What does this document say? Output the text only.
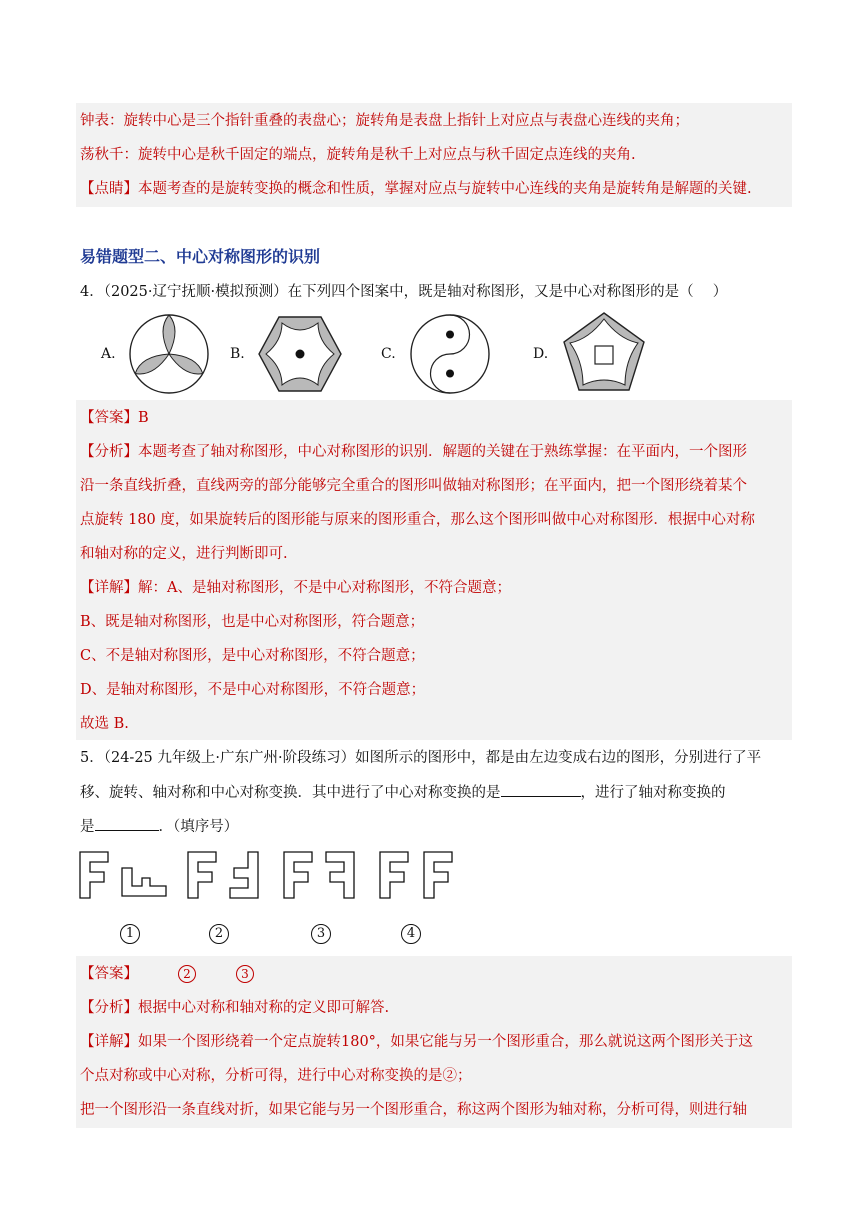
钟表：旋转中心是三个指针重叠的表盘心；旋转角是表盘上指针上对应点与表盘心连线的夹角；
荡秋千：旋转中心是秋千固定的端点，旋转角是秋千上对应点与秋千固定点连线的夹角.
【点睛】本题考查的是旋转变换的概念和性质，掌握对应点与旋转中心连线的夹角是旋转角是解题的关键.
易错题型二、中心对称图形的识别
4．（2025·辽宁抚顺·模拟预测）在下列四个图案中，既是轴对称图形，又是中心对称图形的是（　 ）
A.	B.	C.	D.
【答案】B
【分析】本题考查了轴对称图形，中心对称图形的识别．解题的关键在于熟练掌握：在平面内，一个图形
沿一条直线折叠，直线两旁的部分能够完全重合的图形叫做轴对称图形；在平面内，把一个图形绕着某个
点旋转 180 度，如果旋转后的图形能与原来的图形重合，那么这个图形叫做中心对称图形．根据中心对称
和轴对称的定义，进行判断即可.
【详解】解：A、是轴对称图形，不是中心对称图形，不符合题意；
B、既是轴对称图形，也是中心对称图形，符合题意；
C、不是轴对称图形，是中心对称图形，不符合题意；
D、是轴对称图形，不是中心对称图形，不符合题意；
故选 B.
5．（24-25 九年级上·广东广州·阶段练习）如图所示的图形中，都是由左边变成右边的图形，分别进行了平
移、旋转、轴对称和中心对称变换．其中进行了中心对称变换的是	，进行了轴对称变换的
是	．（填序号）
1	2	3	4
【答案】	2	3
【分析】根据中心对称和轴对称的定义即可解答.
【详解】如果一个图形绕着一个定点旋转180°，如果它能与另一个图形重合，那么就说这两个图形关于这
个点对称或中心对称，分析可得，进行中心对称变换的是②；
把一个图形沿一条直线对折，如果它能与另一个图形重合，称这两个图形为轴对称，分析可得，则进行轴
